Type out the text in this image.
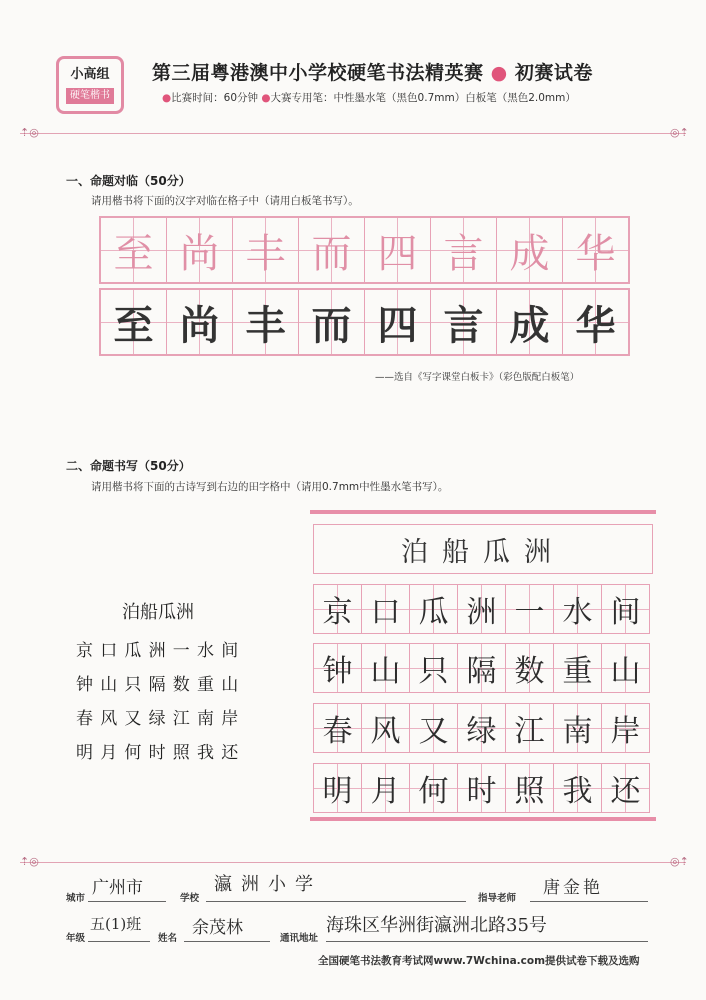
小高组
硬笔楷书
第三届粤港澳中小学校硬笔书法精英赛 ● 初赛试卷
●比赛时间：60分钟 ●大赛专用笔：中性墨水笔（黑色0.7mm）白板笔（黑色2.0mm）
⇡◎	◎⇡
一、命题对临（50分）
请用楷书将下面的汉字对临在格子中（请用白板笔书写）。
至 尚 丰 而 四 言 成 华
至 尚 丰 而 四 言 成 华
——选自《写字课堂白板卡》（彩色版配白板笔）
二、命题书写（50分）
请用楷书将下面的古诗写到右边的田字格中（请用0.7mm中性墨水笔书写）。
泊船瓜洲
京口瓜洲一水间
钟山只隔数重山
春风又绿江南岸
明月何时照我还
泊船瓜洲
京 口 瓜 洲 一 水 间
钟 山 只 隔 数 重 山
春 风 又 绿 江 南 岸
明 月 何 时 照 我 还
⇡◎	◎⇡
城市
广州市
学校
瀛洲小学
指导老师
唐金艳
年级
五(1)班
姓名
余茂林
通讯地址
海珠区华洲街瀛洲北路35号
全国硬笔书法教育考试网www.7Wchina.com提供试卷下载及选购
